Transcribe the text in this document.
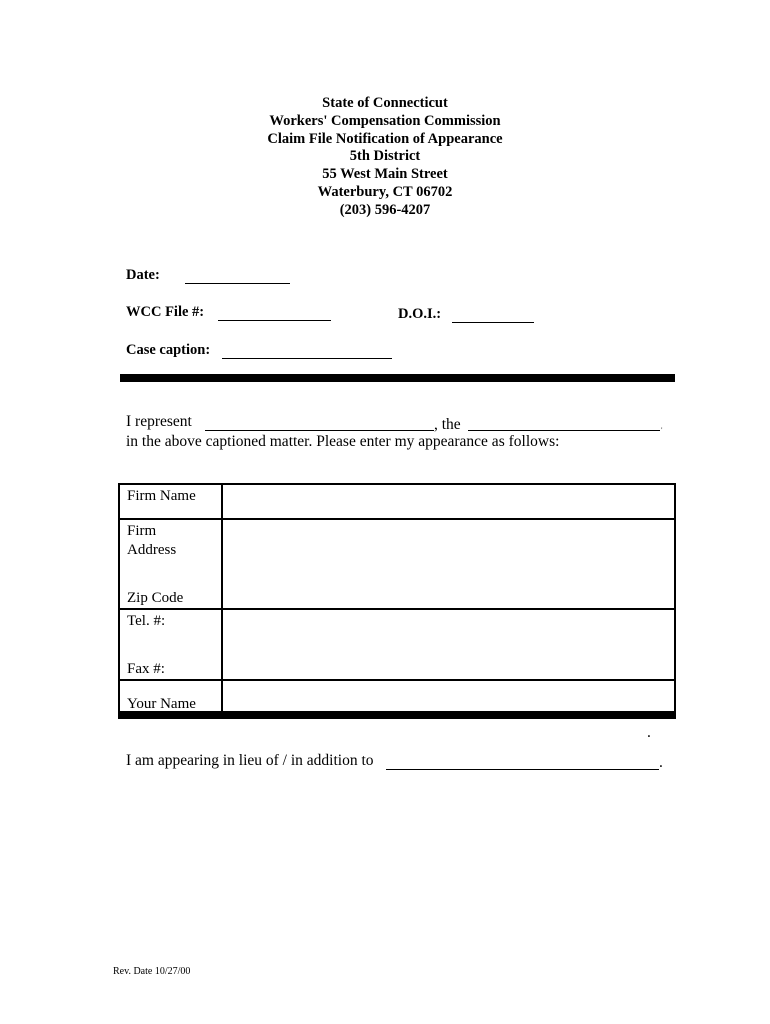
State of Connecticut
Workers' Compensation Commission
Claim File Notification of Appearance
5th District
55 West Main Street
Waterbury, CT 06702
(203) 596-4207
Date:
WCC File #:	D.O.I.:
Case caption:
I represent	, the	,
in the above captioned matter. Please enter my appearance as follows:
Firm Name	

Firm
Address
Zip Code	

Tel. #:
Fax #:	

Your Name	
.
I am appearing in lieu of / in addition to	.
Rev. Date 10/27/00
